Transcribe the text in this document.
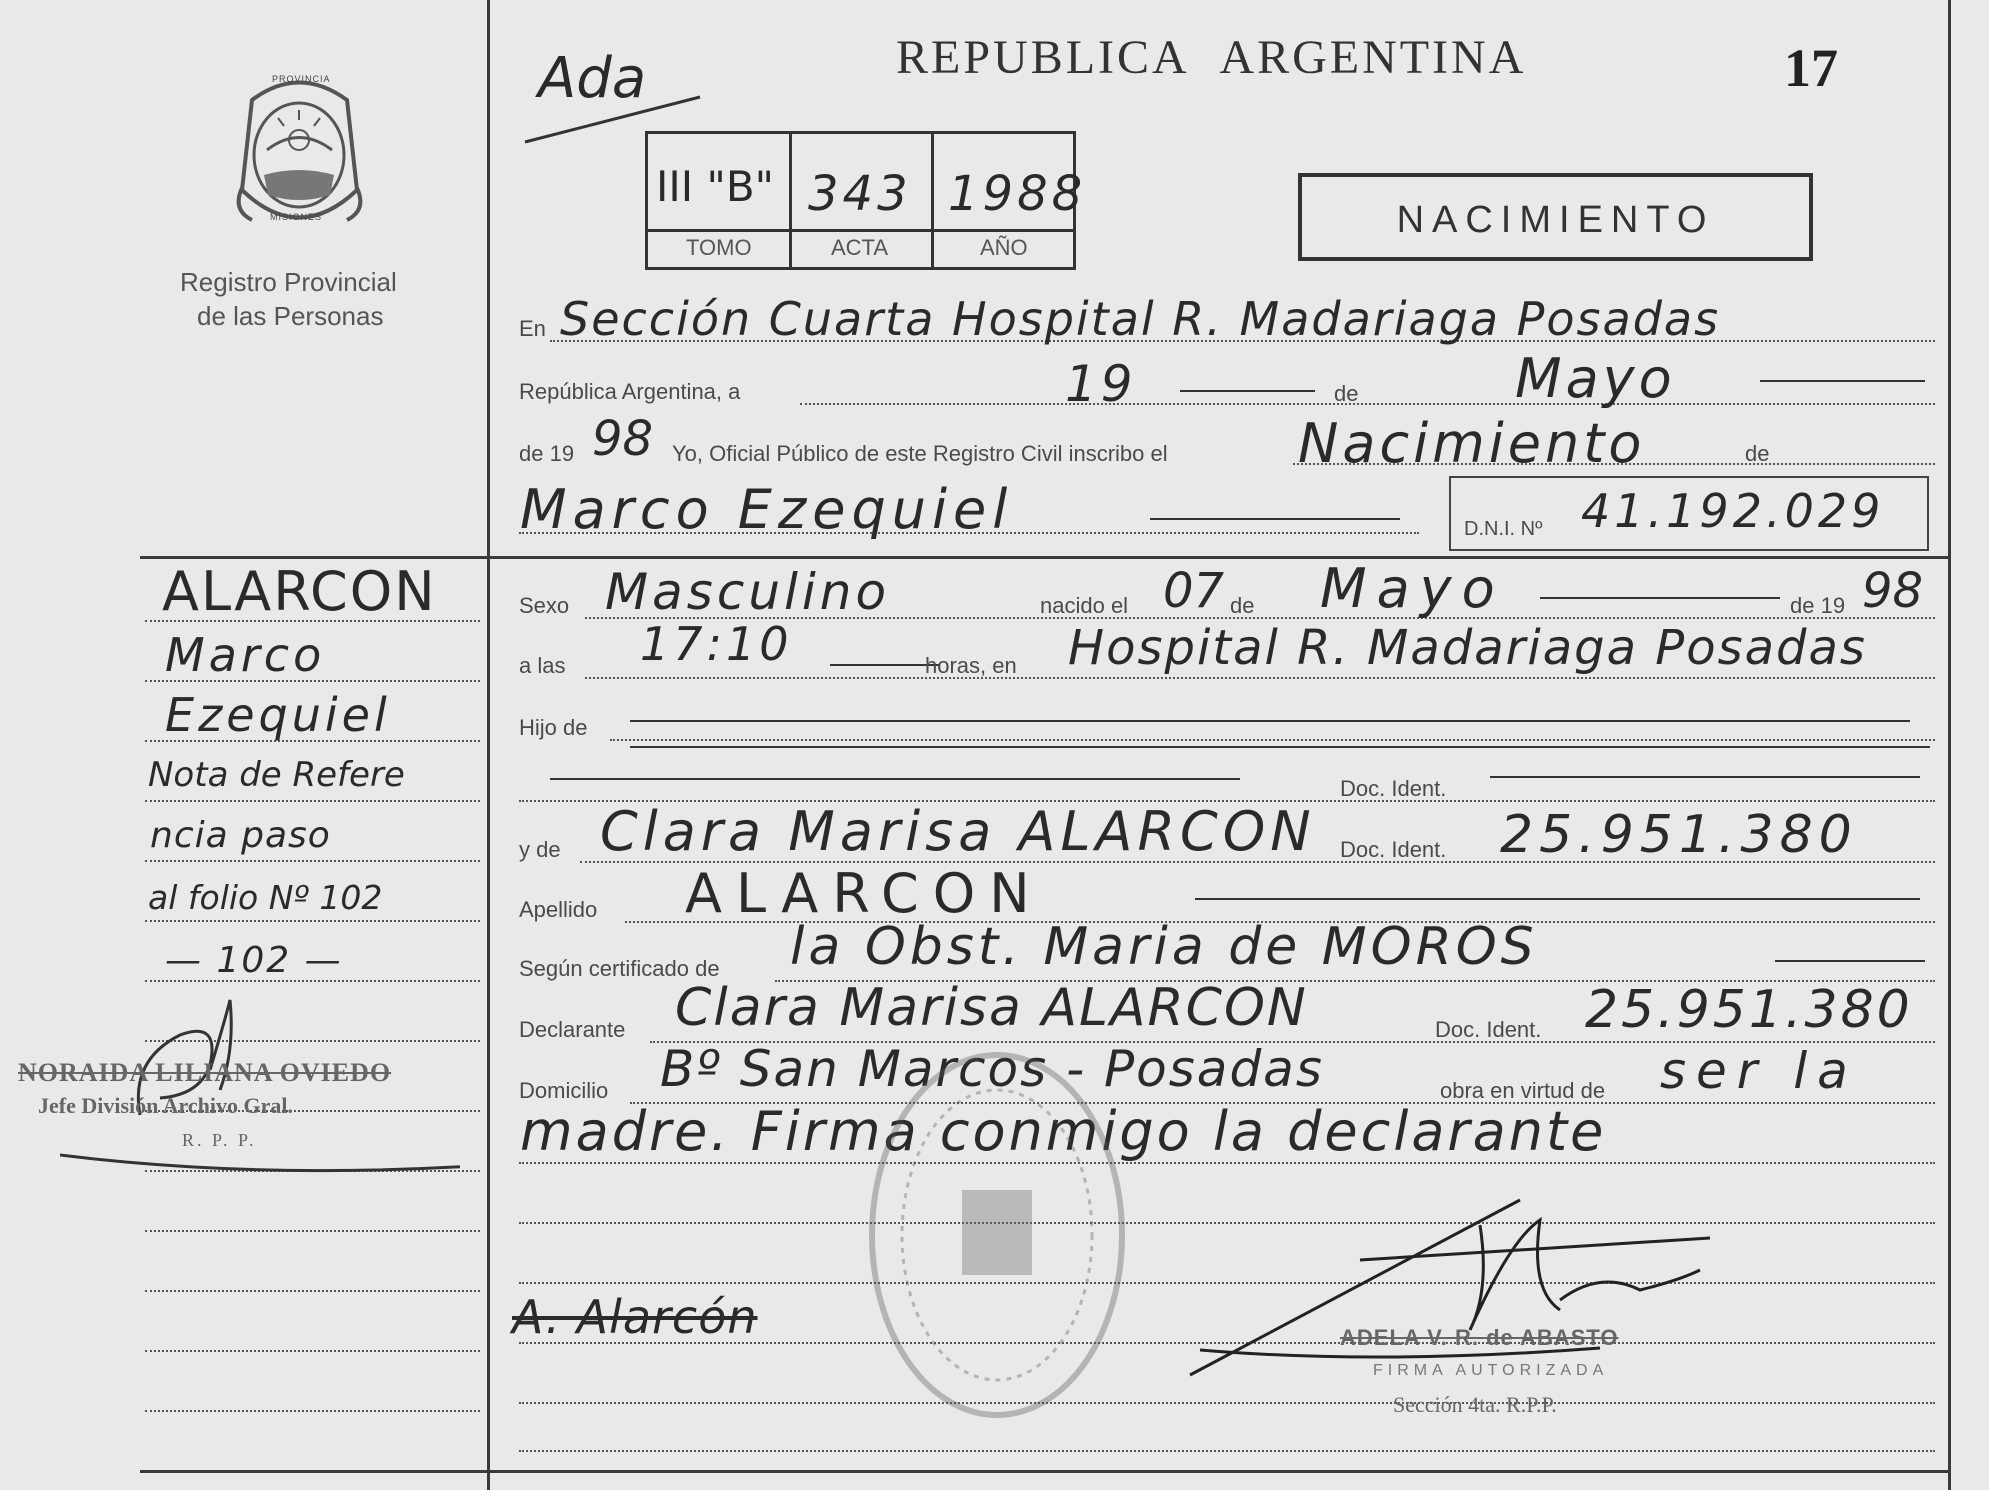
PROVINCIA
MISIONES
Registro Provincial
de las Personas
ALARCON
Marco
Ezequiel
Nota de Refere
ncia paso
al folio Nº 102
— 102 —
NORAIDA LILIANA OVIEDO
Jefe División Archivo Gral.
R. P. P.
Ada	REPUBLICA ARGENTINA	17
III "B" 343 1988
TOMO	ACTA	AÑO
NACIMIENTO
En Sección Cuarta Hospital R. Madariaga Posadas
República Argentina, a	19	de	Mayo
de 19 98 Yo, Oficial Público de este Registro Civil inscribo el Nacimiento	de
Marco Ezequiel	D.N.I. Nº 41.192.029
Sexo Masculino	nacido el 07 de Mayo	de 19 98
a las 17:10	horas, en Hospital R. Madariaga Posadas
Hijo de
Doc. Ident.
y de Clara Marisa ALARCON Doc. Ident. 25.951.380
Apellido ALARCON
Según certificado de la Obst. Maria de MOROS
Declarante Clara Marisa ALARCON	Doc. Ident. 25.951.380
Domicilio Bº San Marcos - Posadas	obra en virtud de ser la
madre. Firma conmigo la declarante
A. Alarcón	ADELA V. R. de ABASTO
FIRMA AUTORIZADA
Sección 4ta. R.P.P.
